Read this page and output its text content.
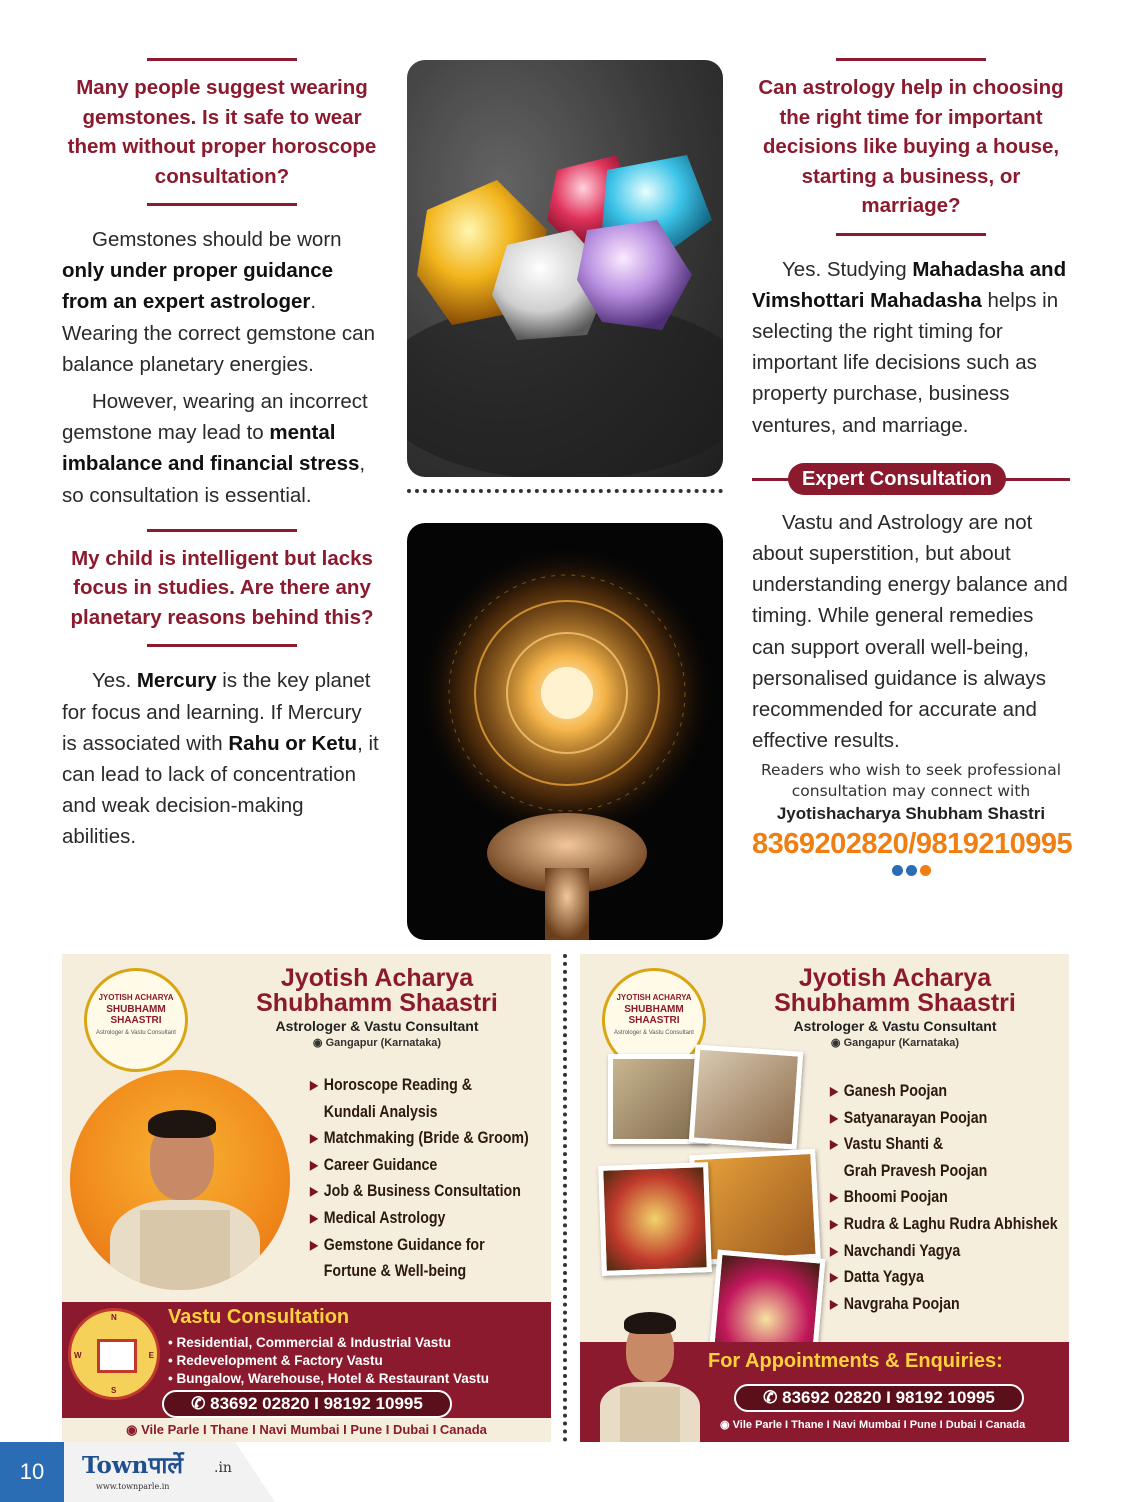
Many people suggest wearing gemstones. Is it safe to wear them without proper horoscope consultation?

Gemstones should be worn only under proper guidance from an expert astrologer. Wearing the correct gemstone can balance planetary energies.

However, wearing an incorrect gemstone may lead to mental imbalance and financial stress, so consultation is essential.

My child is intelligent but lacks focus in studies. Are there any planetary reasons behind this?

Yes. Mercury is the key planet for focus and learning. If Mercury is associated with Rahu or Ketu, it can lead to lack of concentration and weak decision-making abilities.

Can astrology help in choosing the right time for important decisions like buying a house, starting a business, or marriage?

Yes. Studying Mahadasha and Vimshottari Mahadasha helps in selecting the right timing for important life decisions such as property purchase, business ventures, and marriage.

Expert Consultation

Vastu and Astrology are not about superstition, but about understanding energy balance and timing. While general remedies can support overall well-being, personalised guidance is always recommended for accurate and effective results.

Readers who wish to seek professional consultation may connect with
Jyotishacharya Shubham Shastri
8369202820/9819210995
JYOTISH ACHARYA
SHUBHAMM SHAASTRI
Astrologer & Vastu Consultant
Jyotish Acharya
Shubhamm Shaastri
Astrologer & Vastu Consultant
◉ Gangapur (Karnataka)
▶ Horoscope Reading &
Kundali Analysis
▶ Matchmaking (Bride & Groom)
▶ Career Guidance
▶ Job & Business Consultation
▶ Medical Astrology
▶ Gemstone Guidance for
Fortune & Well-being
N
S
W	E
Vastu Consultation
• Residential, Commercial & Industrial Vastu
• Redevelopment & Factory Vastu
• Bungalow, Warehouse, Hotel & Restaurant Vastu
✆ 83692 02820 I 98192 10995
◉ Vile Parle I Thane I Navi Mumbai I Pune I Dubai I Canada
JYOTISH ACHARYA
SHUBHAMM SHAASTRI
Astrologer & Vastu Consultant
Jyotish Acharya
Shubhamm Shaastri
Astrologer & Vastu Consultant
◉ Gangapur (Karnataka)
▶ Ganesh Poojan
▶ Satyanarayan Poojan
▶ Vastu Shanti &
Grah Pravesh Poojan
▶ Bhoomi Poojan
▶ Rudra & Laghu Rudra Abhishek
▶ Navchandi Yagya
▶ Datta Yagya
▶ Navgraha Poojan
For Appointments & Enquiries:
✆ 83692 02820 I 98192 10995
◉ Vile Parle I Thane I Navi Mumbai I Pune I Dubai I Canada
10	Townपार्ले .in
www.townparle.in
